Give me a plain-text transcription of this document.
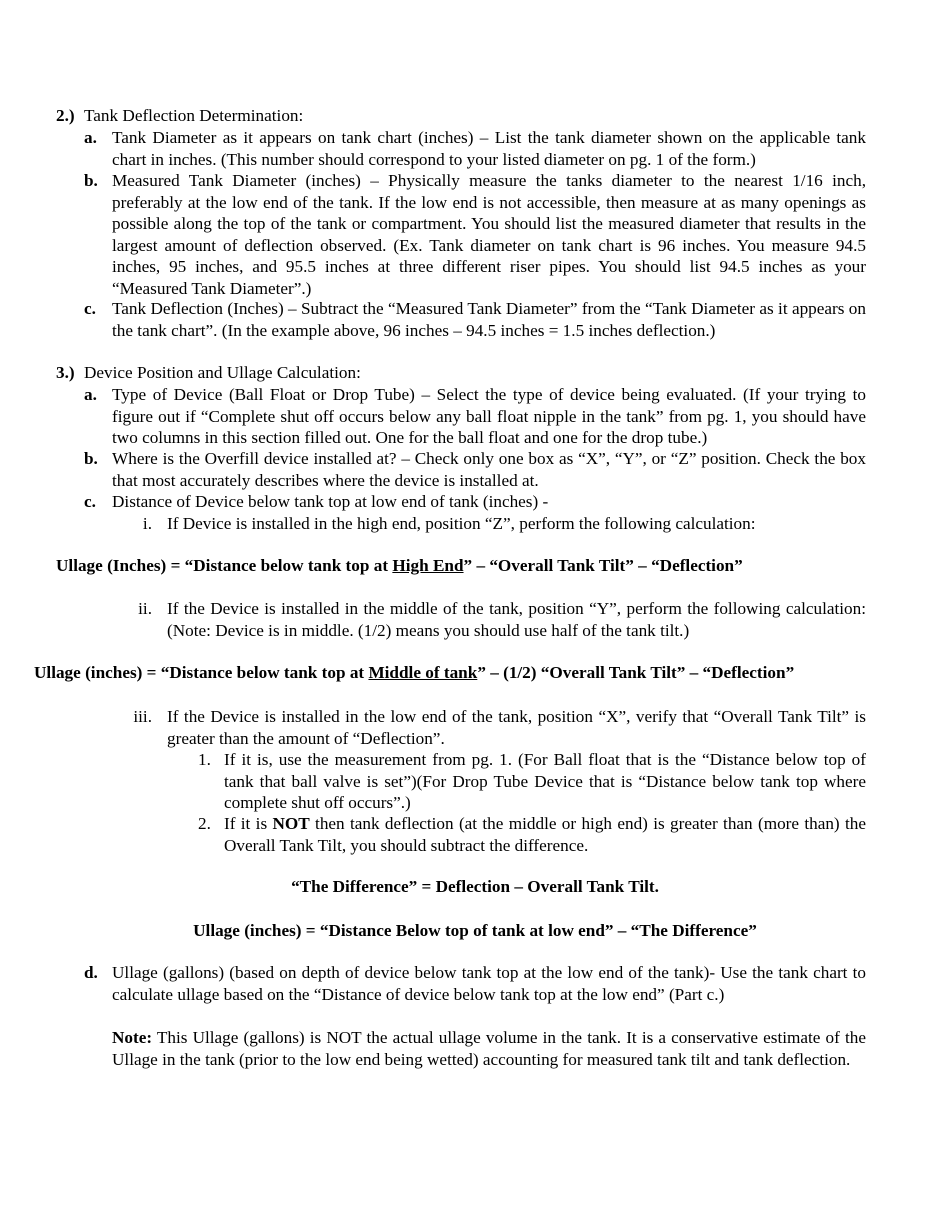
2.) Tank Deflection Determination:
a. Tank Diameter as it appears on tank chart (inches) – List the tank diameter shown on the applicable tank chart in inches. (This number should correspond to your listed diameter on pg. 1 of the form.)
b. Measured Tank Diameter (inches) – Physically measure the tanks diameter to the nearest 1/16 inch, preferably at the low end of the tank. If the low end is not accessible, then measure at as many openings as possible along the top of the tank or compartment. You should list the measured diameter that results in the largest amount of deflection observed. (Ex. Tank diameter on tank chart is 96 inches. You measure 94.5 inches, 95 inches, and 95.5 inches at three different riser pipes. You should list 94.5 inches as your “Measured Tank Diameter”.)
c. Tank Deflection (Inches) – Subtract the “Measured Tank Diameter” from the “Tank Diameter as it appears on the tank chart”. (In the example above, 96 inches – 94.5 inches = 1.5 inches deflection.)
3.) Device Position and Ullage Calculation:
a. Type of Device (Ball Float or Drop Tube) – Select the type of device being evaluated. (If your trying to figure out if “Complete shut off occurs below any ball float nipple in the tank” from pg. 1, you should have two columns in this section filled out. One for the ball float and one for the drop tube.)
b. Where is the Overfill device installed at? – Check only one box as “X”, “Y”, or “Z” position. Check the box that most accurately describes where the device is installed at.
c. Distance of Device below tank top at low end of tank (inches) -
i. If Device is installed in the high end, position “Z”, perform the following calculation:
Ullage (Inches) = “Distance below tank top at High End” – “Overall Tank Tilt” – “Deflection”
ii. If the Device is installed in the middle of the tank, position “Y”, perform the following calculation: (Note: Device is in middle. (1/2) means you should use half of the tank tilt.)
Ullage (inches) = “Distance below tank top at Middle of tank” – (1/2) “Overall Tank Tilt” – “Deflection”
iii. If the Device is installed in the low end of the tank, position “X”, verify that “Overall Tank Tilt” is greater than the amount of “Deflection”.
1. If it is, use the measurement from pg. 1. (For Ball float that is the “Distance below top of tank that ball valve is set”)(For Drop Tube Device that is “Distance below tank top where complete shut off occurs”.)
2. If it is NOT then tank deflection (at the middle or high end) is greater than (more than) the Overall Tank Tilt, you should subtract the difference.
“The Difference” = Deflection – Overall Tank Tilt.
Ullage (inches) = “Distance Below top of tank at low end” – “The Difference”
d. Ullage (gallons) (based on depth of device below tank top at the low end of the tank)- Use the tank chart to calculate ullage based on the “Distance of device below tank top at the low end” (Part c.)
Note: This Ullage (gallons) is NOT the actual ullage volume in the tank. It is a conservative estimate of the Ullage in the tank (prior to the low end being wetted) accounting for measured tank tilt and tank deflection.
